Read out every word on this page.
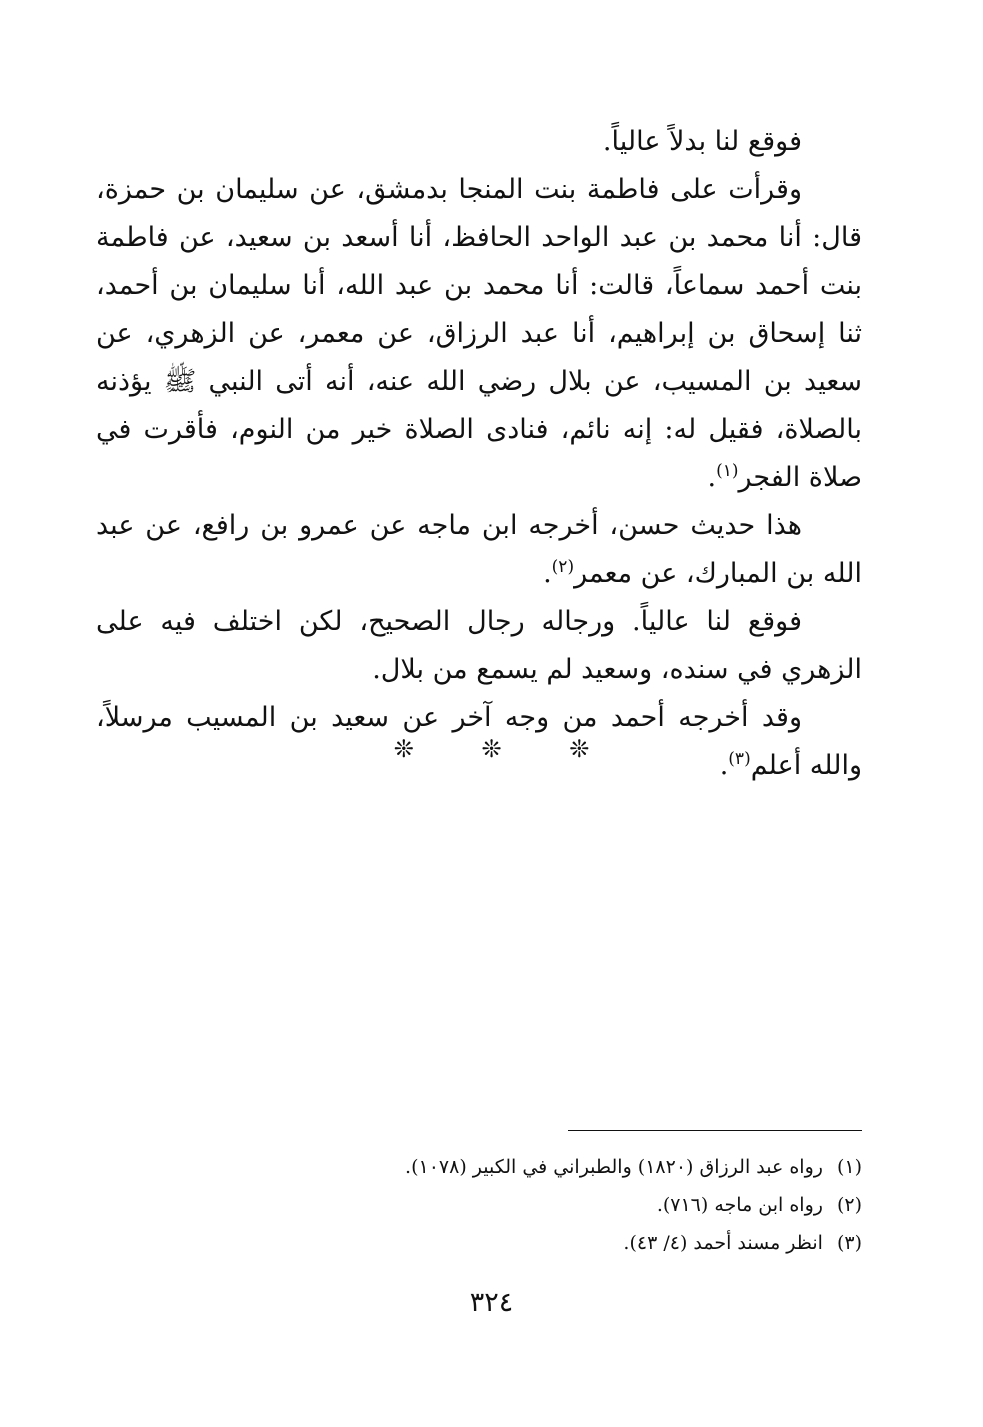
فوقع لنا بدلاً عالياً.

وقرأت على فاطمة بنت المنجا بدمشق، عن سليمان بن حمزة، قال: أنا محمد بن عبد الواحد الحافظ، أنا أسعد بن سعيد، عن فاطمة بنت أحمد سماعاً، قالت: أنا محمد بن عبد الله، أنا سليمان بن أحمد، ثنا إسحاق بن إبراهيم، أنا عبد الرزاق، عن معمر، عن الزهري، عن سعيد بن المسيب، عن بلال رضي الله عنه، أنه أتى النبي ﷺ يؤذنه بالصلاة، فقيل له: إنه نائم، فنادى الصلاة خير من النوم، فأقرت في صلاة الفجر$^{(١)}$.

هذا حديث حسن، أخرجه ابن ماجه عن عمرو بن رافع، عن عبد الله بن المبارك، عن معمر$^{(٢)}$.

فوقع لنا عالياً. ورجاله رجال الصحيح، لكن اختلف فيه على الزهري في سنده، وسعيد لم يسمع من بلال.

وقد أخرجه أحمد من وجه آخر عن سعيد بن المسيب مرسلاً، والله أعلم$^{(٣)}$.

❊	❊	❊

(١)رواه عبد الرزاق (١٨٢٠) والطبراني في الكبير (١٠٧٨).

(٢)رواه ابن ماجه (٧١٦).

(٣)انظر مسند أحمد (٤/ ٤٣).

٣٢٤
